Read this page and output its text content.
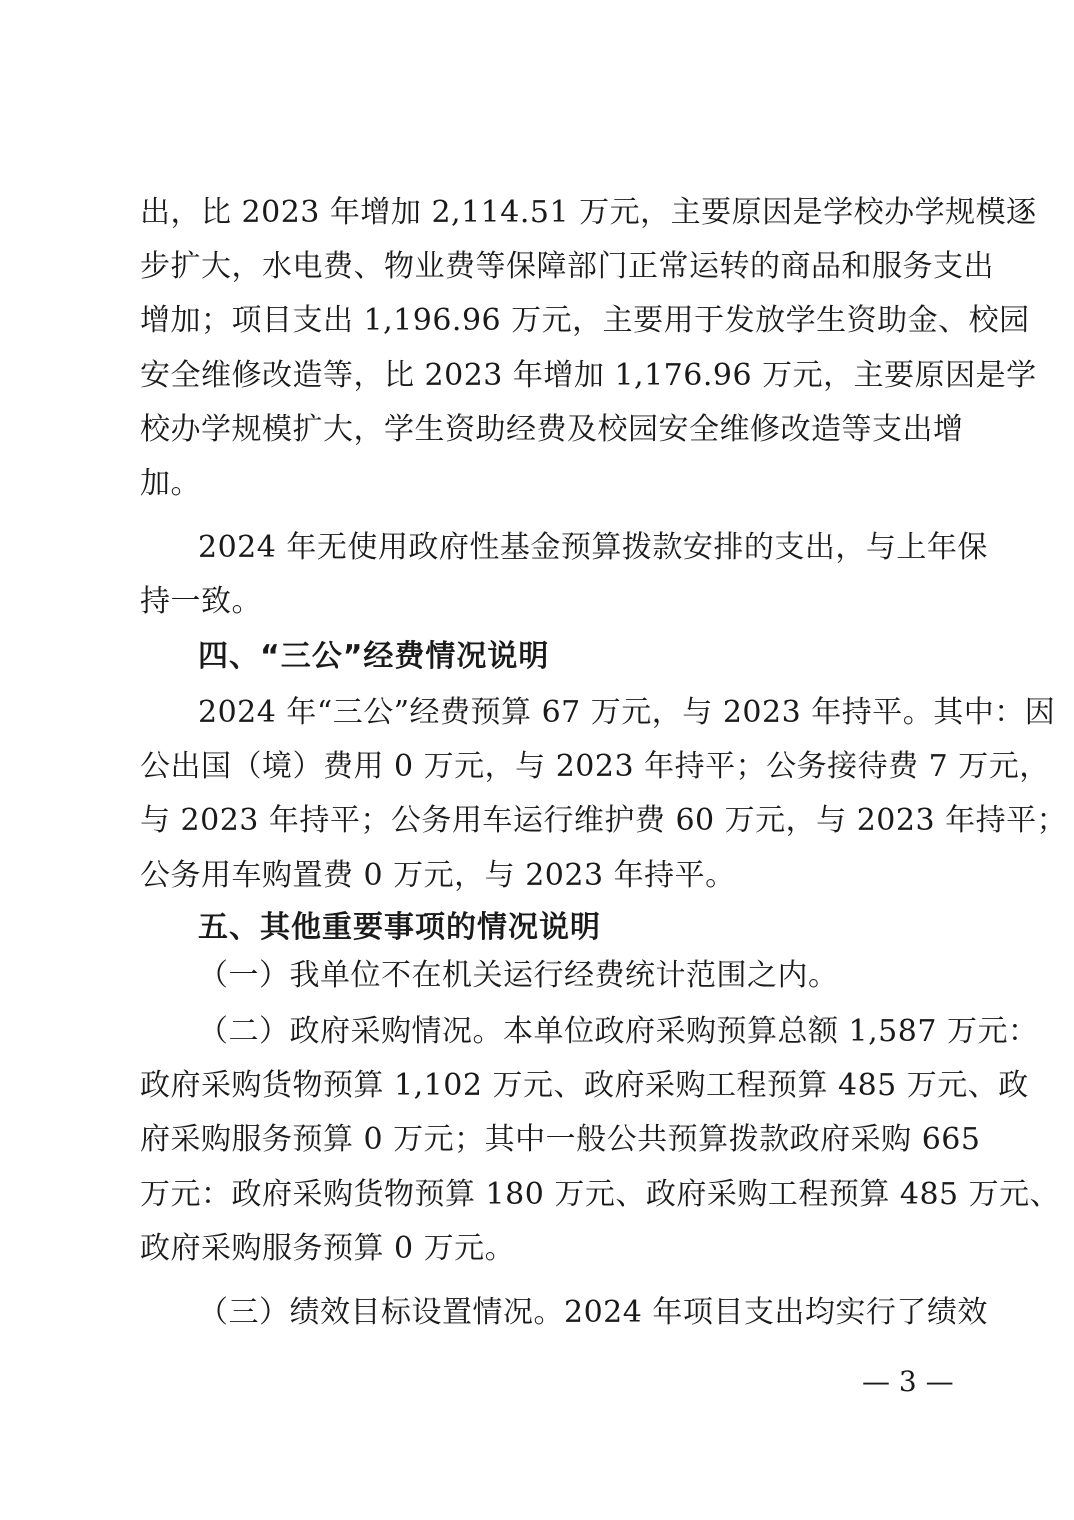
出，比 2023 年增加 2,114.51 万元，主要原因是学校办学规模逐
步扩大，水电费、物业费等保障部门正常运转的商品和服务支出
增加；项目支出 1,196.96 万元，主要用于发放学生资助金、校园
安全维修改造等，比 2023 年增加 1,176.96 万元，主要原因是学
校办学规模扩大，学生资助经费及校园安全维修改造等支出增
加。
2024 年无使用政府性基金预算拨款安排的支出，与上年保
持一致。
四、“三公”经费情况说明
2024 年“三公”经费预算 67 万元，与 2023 年持平。其中：因
公出国（境）费用 0 万元，与 2023 年持平；公务接待费 7 万元，
与 2023 年持平；公务用车运行维护费 60 万元，与 2023 年持平；
公务用车购置费 0 万元，与 2023 年持平。
五、其他重要事项的情况说明
（一）我单位不在机关运行经费统计范围之内。
（二）政府采购情况。本单位政府采购预算总额 1,587 万元：
政府采购货物预算 1,102 万元、政府采购工程预算 485 万元、政
府采购服务预算 0 万元；其中一般公共预算拨款政府采购 665
万元：政府采购货物预算 180 万元、政府采购工程预算 485 万元、
政府采购服务预算 0 万元。
（三）绩效目标设置情况。2024 年项目支出均实行了绩效
— 3 —
